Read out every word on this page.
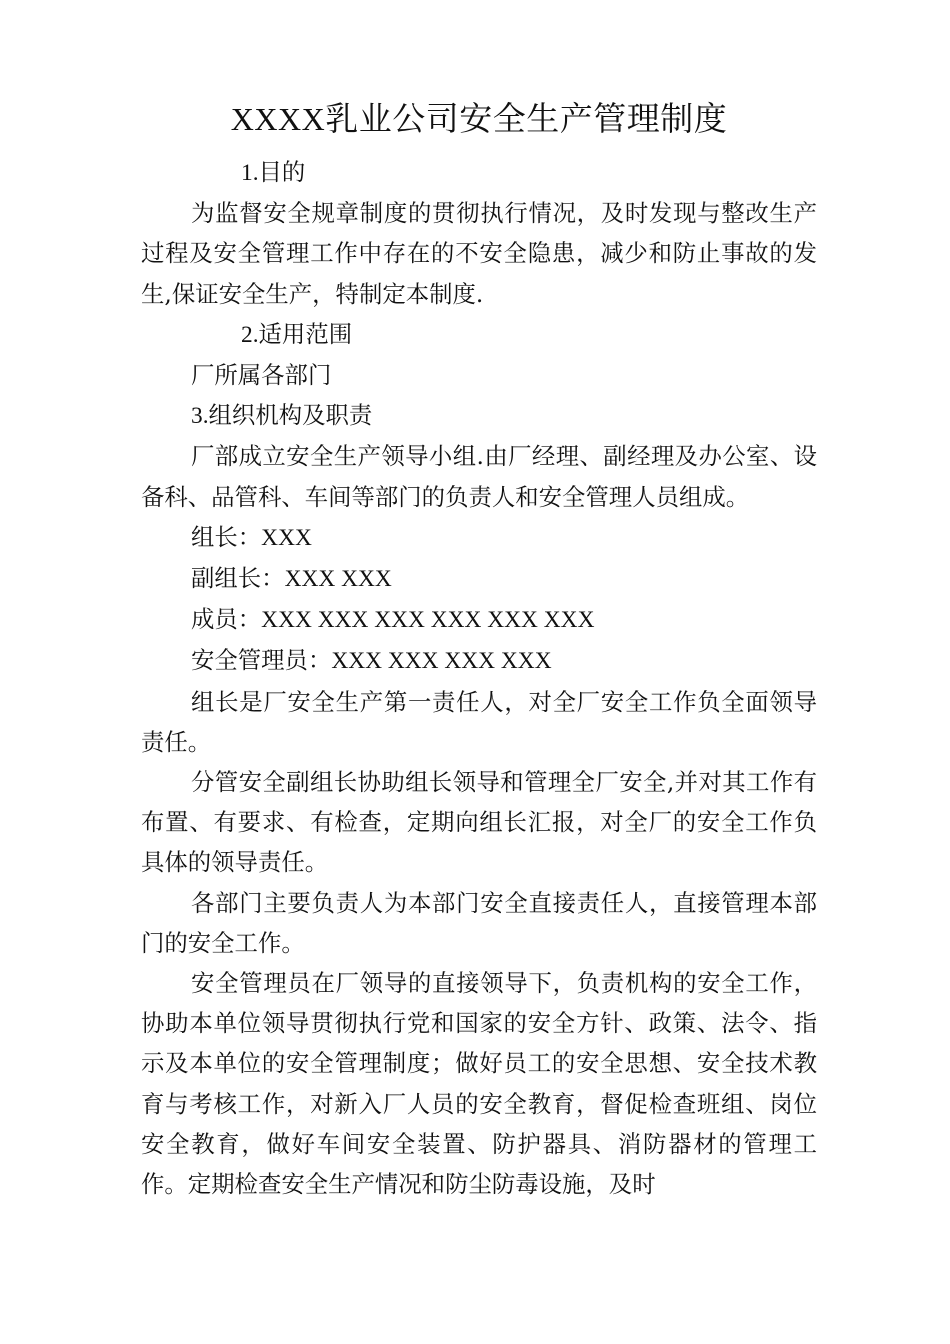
XXXX乳业公司安全生产管理制度

1.目的

为监督安全规章制度的贯彻执行情况，及时发现与整改生产过程及安全管理工作中存在的不安全隐患，减少和防止事故的发生,保证安全生产，特制定本制度.

2.适用范围

厂所属各部门

3.组织机构及职责

厂部成立安全生产领导小组.由厂经理、副经理及办公室、设备科、品管科、车间等部门的负责人和安全管理人员组成。

组长：XXX

副组长：XXX XXX

成员：XXX XXX XXX XXX XXX XXX

安全管理员：XXX XXX XXX XXX

组长是厂安全生产第一责任人，对全厂安全工作负全面领导责任。

分管安全副组长协助组长领导和管理全厂安全,并对其工作有布置、有要求、有检查，定期向组长汇报，对全厂的安全工作负具体的领导责任。

各部门主要负责人为本部门安全直接责任人，直接管理本部门的安全工作。

安全管理员在厂领导的直接领导下，负责机构的安全工作，协助本单位领导贯彻执行党和国家的安全方针、政策、法令、指示及本单位的安全管理制度；做好员工的安全思想、安全技术教育与考核工作，对新入厂人员的安全教育，督促检查班组、岗位安全教育，做好车间安全装置、防护器具、消防器材的管理工作。定期检查安全生产情况和防尘防毒设施，及时
